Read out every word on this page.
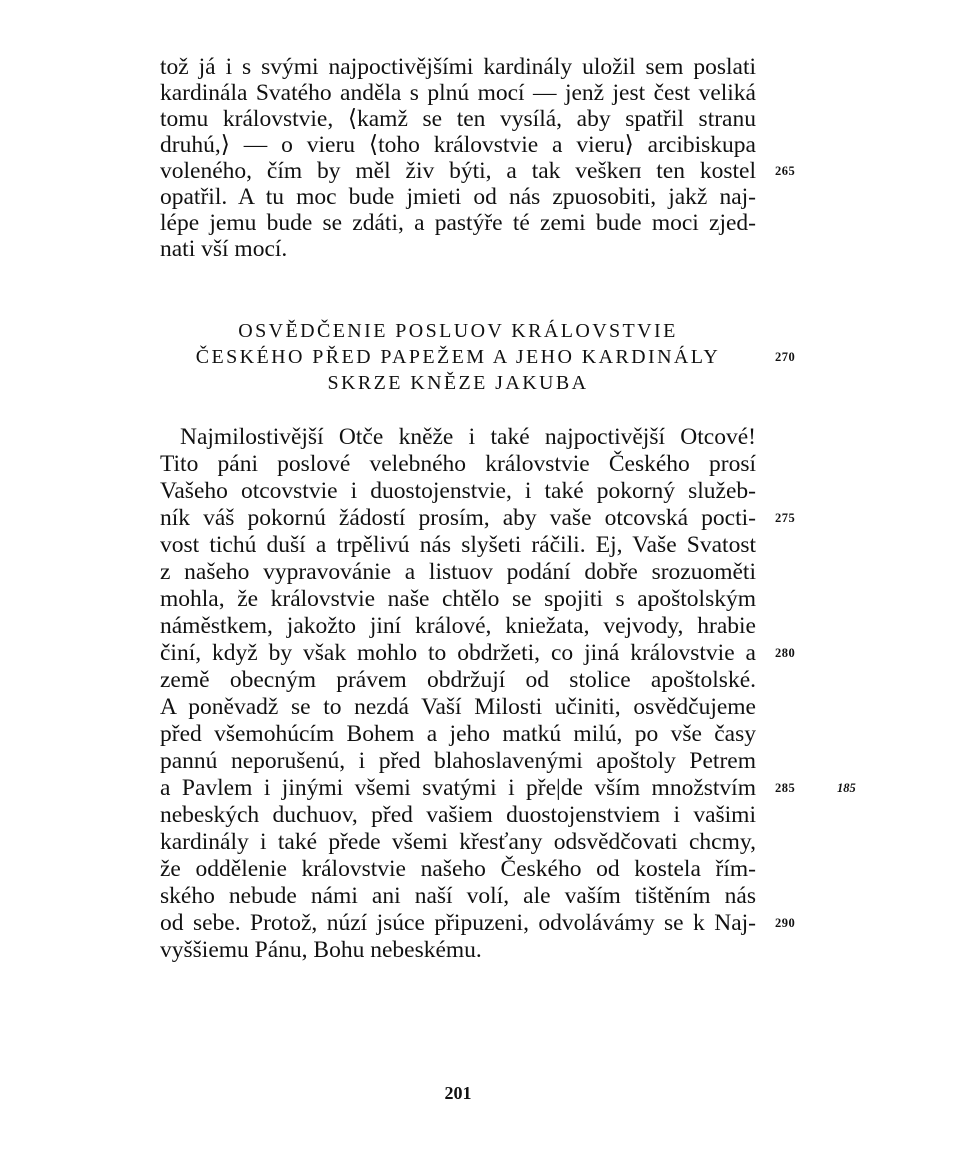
tož já i s svými najpoctivějšími kardinály uložil sem poslati
kardinála Svatého anděla s plnú mocí — jenž jest čest veliká
tomu královstvie, ⟨kamž se ten vysílá, aby spatřil stranu
druhú,⟩ — o vieru ⟨toho královstvie a vieru⟩ arcibiskupa
voleného, čím by měl živ býti, a tak veškeп ten kostel
opatřil. A tu moc bude jmieti od nás zpuosobiti, jakž naj-
lépe jemu bude se zdáti, a pastýře té zemi bude moci zjed-
nati vší mocí.
OSVĚDČENIE POSLUOV KRÁLOVSTVIE
ČESKÉHO PŘED PAPEŽEM A JEHO KARDINÁLY
SKRZE KNĚZE JAKUBA
Najmilostivější Otče kněže i také najpoctivější Otcové!
Tito páni poslové velebného královstvie Českého prosí
Vašeho otcovstvie i duostojenstvie, i také pokorný služeb-
ník váš pokornú žádostí prosím, aby vaše otcovská pocti-
vost tichú duší a trpělivú nás slyšeti ráčili. Ej, Vaše Svatost
z našeho vypravovánie a listuov podání dobře srozuoměti
mohla, že královstvie naše chtělo se spojiti s apoštolským
náměstkem, jakožto jiní králové, kniežata, vejvody, hrabie
činí, když by však mohlo to obdržeti, co jiná královstvie a
země obecným právem obdržují od stolice apoštolské.
A poněvadž se to nezdá Vaší Milosti učiniti, osvědčujeme
před všemohúcím Bohem a jeho matkú milú, po vše časy
pannú neporušenú, i před blahoslavenými apoštoly Petrem
a Pavlem i jinými všemi svatými i pře|de vším množstvím
nebeských duchuov, před vašiem duostojenstviem i vašimi
kardinály i také přede všemi křesťany odsvědčovati chcmy,
že oddělenie královstvie našeho Českého od kostela řím-
ského nebude námi ani naší volí, ale vaším tištěním nás
od sebe. Protož, núzí jsúce připuzeni, odvolávámy se k Naj-
vyššiemu Pánu, Bohu nebeskému.
265
270
275
280
285
290
185
201
